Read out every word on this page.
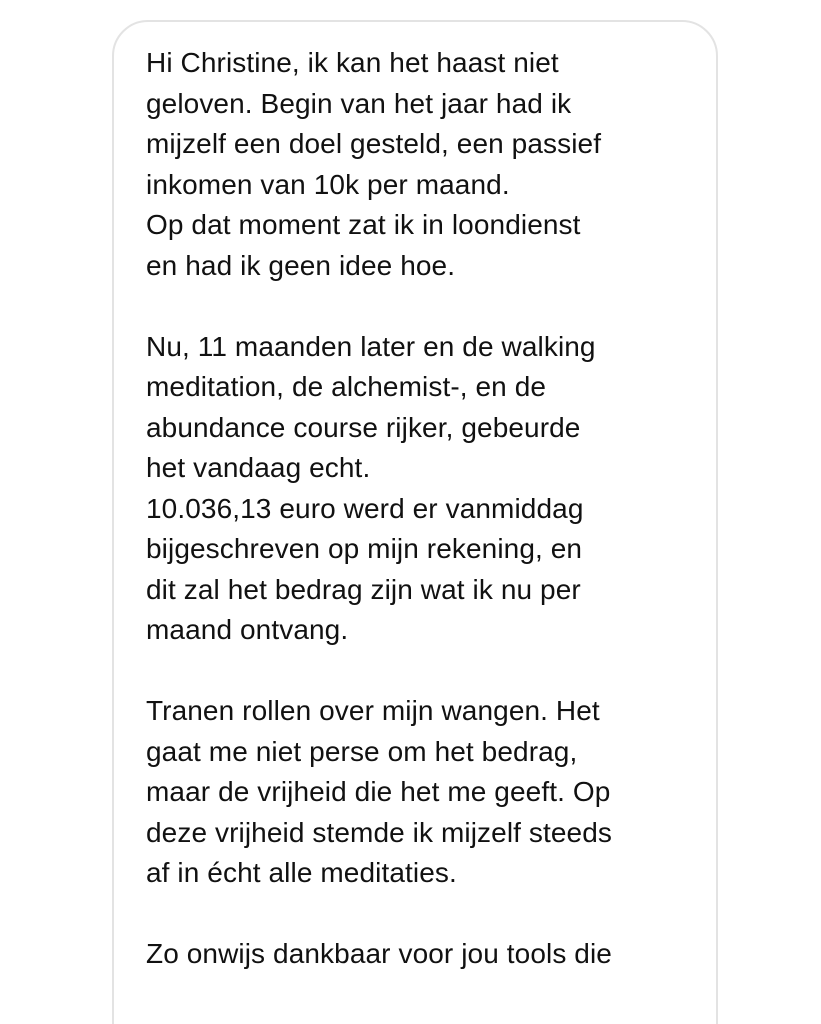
Hi Christine, ik kan het haast niet
geloven. Begin van het jaar had ik
mijzelf een doel gesteld, een passief
inkomen van 10k per maand.
Op dat moment zat ik in loondienst
en had ik geen idee hoe.
Nu, 11 maanden later en de walking
meditation, de alchemist-, en de
abundance course rijker, gebeurde
het vandaag echt.
10.036,13 euro werd er vanmiddag
bijgeschreven op mijn rekening, en
dit zal het bedrag zijn wat ik nu per
maand ontvang.
Tranen rollen over mijn wangen. Het
gaat me niet perse om het bedrag,
maar de vrijheid die het me geeft. Op
deze vrijheid stemde ik mijzelf steeds
af in écht alle meditaties.
Zo onwijs dankbaar voor jou tools die
